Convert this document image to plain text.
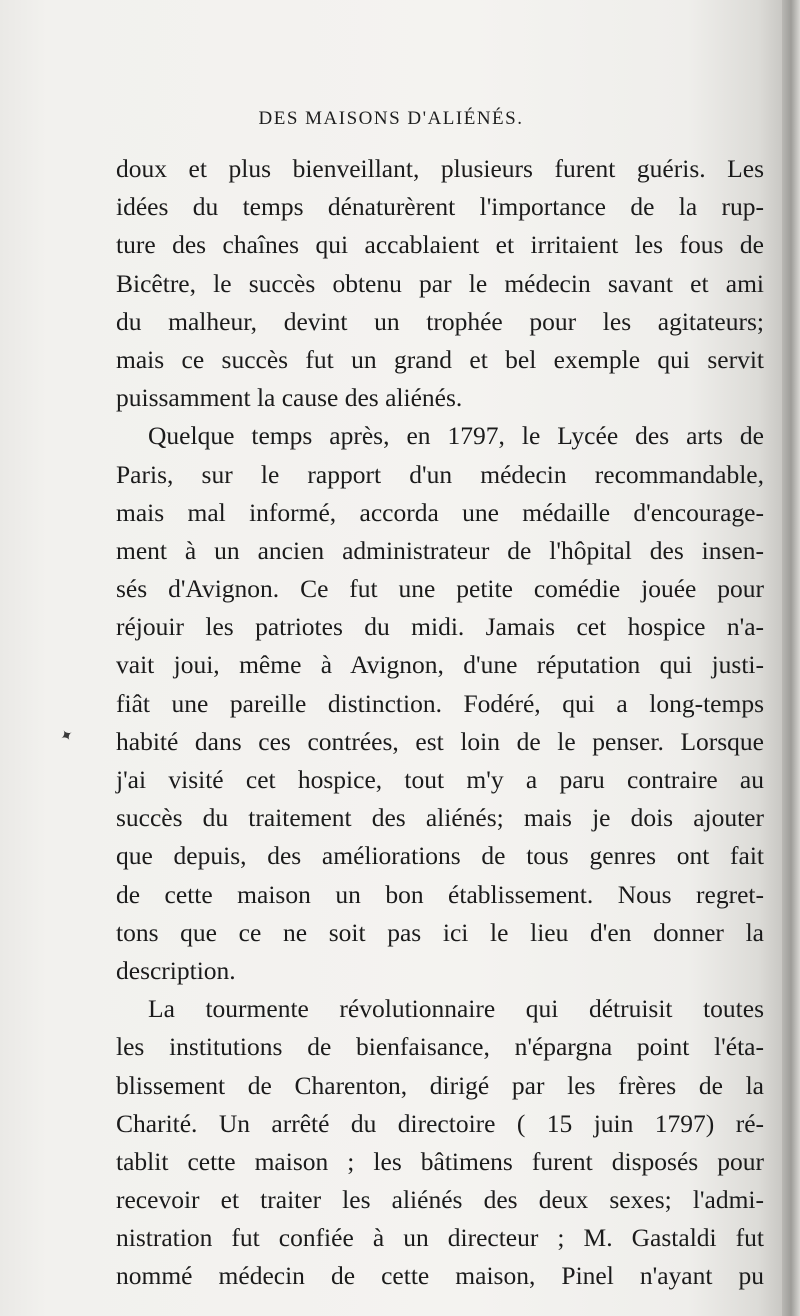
DES MAISONS D'ALIÉNÉS.
doux et plus bienveillant, plusieurs furent guéris. Les
idées du temps dénaturèrent l'importance de la rup-
ture des chaînes qui accablaient et irritaient les fous de
Bicêtre, le succès obtenu par le médecin savant et ami
du malheur, devint un trophée pour les agitateurs;
mais ce succès fut un grand et bel exemple qui servit
puissamment la cause des aliénés.
Quelque temps après, en 1797, le Lycée des arts de
Paris, sur le rapport d'un médecin recommandable,
mais mal informé, accorda une médaille d'encourage-
ment à un ancien administrateur de l'hôpital des insen-
sés d'Avignon. Ce fut une petite comédie jouée pour
réjouir les patriotes du midi. Jamais cet hospice n'a-
vait joui, même à Avignon, d'une réputation qui justi-
fiât une pareille distinction. Fodéré, qui a long-temps
habité dans ces contrées, est loin de le penser. Lorsque
j'ai visité cet hospice, tout m'y a paru contraire au
succès du traitement des aliénés; mais je dois ajouter
que depuis, des améliorations de tous genres ont fait
de cette maison un bon établissement. Nous regret-
tons que ce ne soit pas ici le lieu d'en donner la
description.
La tourmente révolutionnaire qui détruisit toutes
les institutions de bienfaisance, n'épargna point l'éta-
blissement de Charenton, dirigé par les frères de la
Charité. Un arrêté du directoire ( 15 juin 1797) ré-
tablit cette maison ; les bâtimens furent disposés pour
recevoir et traiter les aliénés des deux sexes; l'admi-
nistration fut confiée à un directeur ; M. Gastaldi fut
nommé médecin de cette maison, Pinel n'ayant pu
✦
